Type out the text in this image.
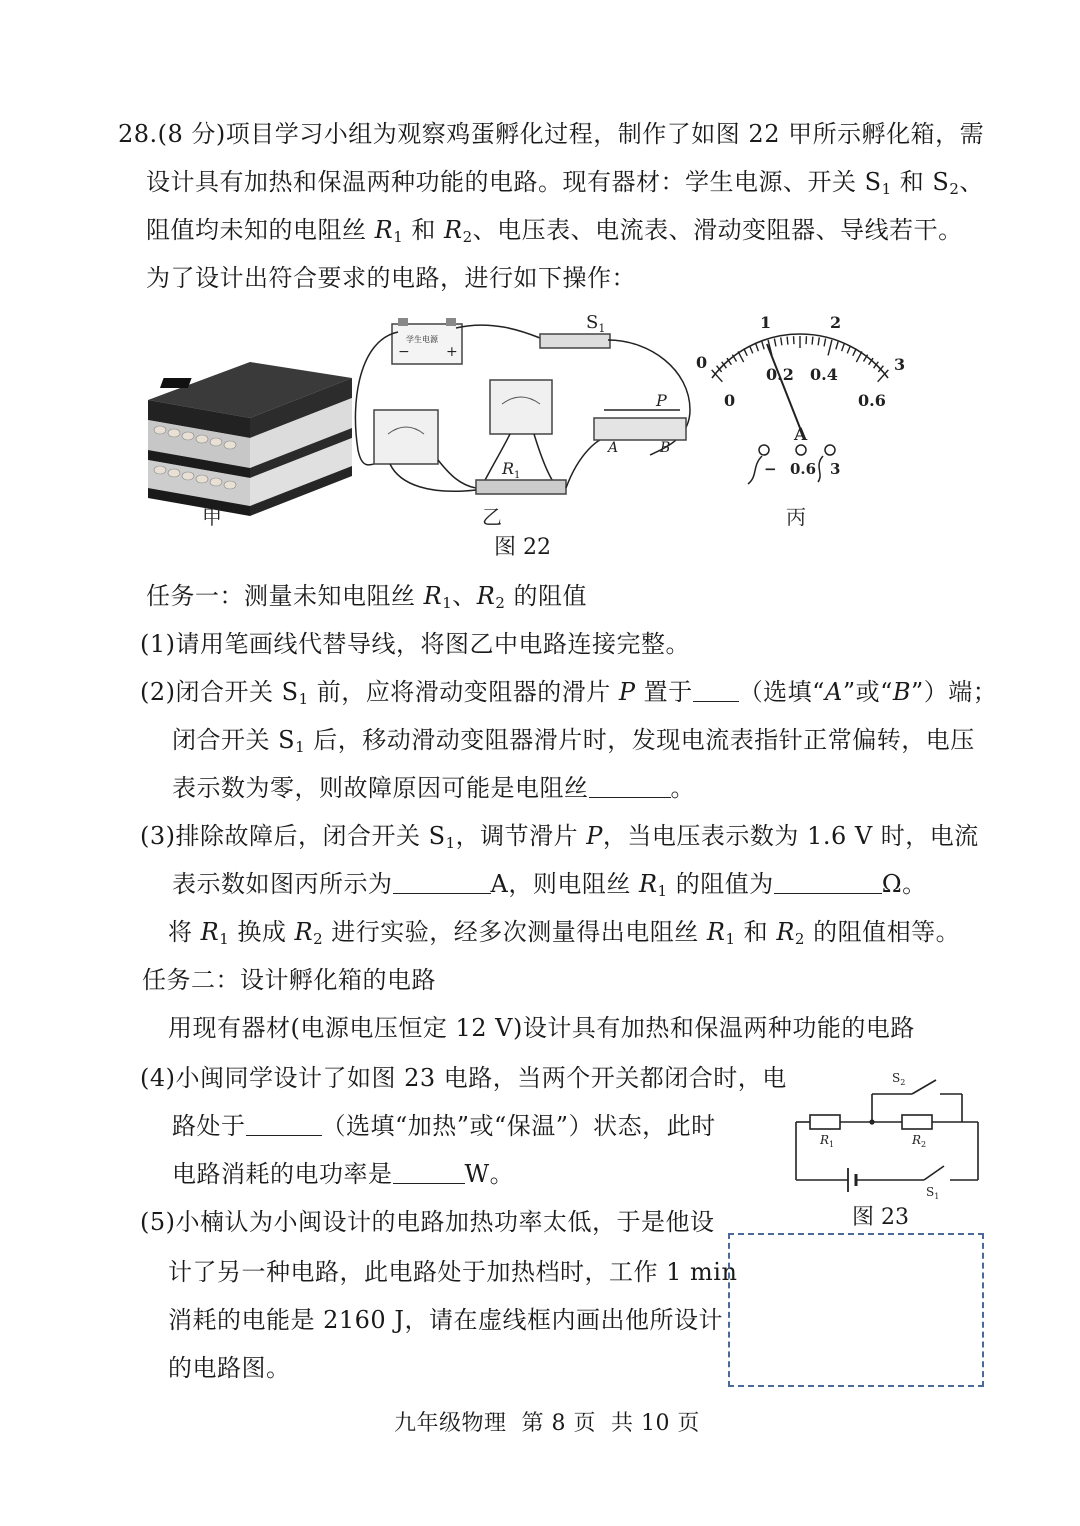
28.(8 分)项目学习小组为观察鸡蛋孵化过程，制作了如图 22 甲所示孵化箱，需
设计具有加热和保温两种功能的电路。现有器材：学生电源、开关 $S_1$ 和 $S_2$、
阻值均未知的电阻丝 $R_1$ 和 $R_2$、电压表、电流表、滑动变阻器、导线若干。
为了设计出符合要求的电路，进行如下操作：
学生电源
−	+
$S_1$
$R_1$
P
A	B
0
1	2
3
0
0.2 0.4
0.6
A
− 0.6 3
甲	乙	丙
图 22
任务一：测量未知电阻丝 $R_1$、$R_2$ 的阻值
(1)请用笔画线代替导线，将图乙中电路连接完整。
(2)闭合开关 $S_1$ 前，应将滑动变阻器的滑片 P 置于 （选填“A”或“B”）端；
闭合开关 $S_1$ 后，移动滑动变阻器滑片时，发现电流表指针正常偏转，电压
表示数为零，则故障原因可能是电阻丝	。
(3)排除故障后，闭合开关 $S_1$，调节滑片 P，当电压表示数为 1.6 V 时，电流
表示数如图丙所示为	A，则电阻丝 $R_1$ 的阻值为	Ω。
将 $R_1$ 换成 $R_2$ 进行实验，经多次测量得出电阻丝 $R_1$ 和 $R_2$ 的阻值相等。
任务二：设计孵化箱的电路
用现有器材(电源电压恒定 12 V)设计具有加热和保温两种功能的电路
(4)小闽同学设计了如图 23 电路，当两个开关都闭合时，电
路处于	（选填“加热”或“保温”）状态，此时
电路消耗的电功率是	W。
(5)小楠认为小闽设计的电路加热功率太低，于是他设
计了另一种电路，此电路处于加热档时，工作 1 min
消耗的电能是 2160 J，请在虚线框内画出他所设计
的电路图。
$S_2$
$R_1$	$R_2$
$S_1$
图 23
九年级物理  第 8 页  共 10 页
